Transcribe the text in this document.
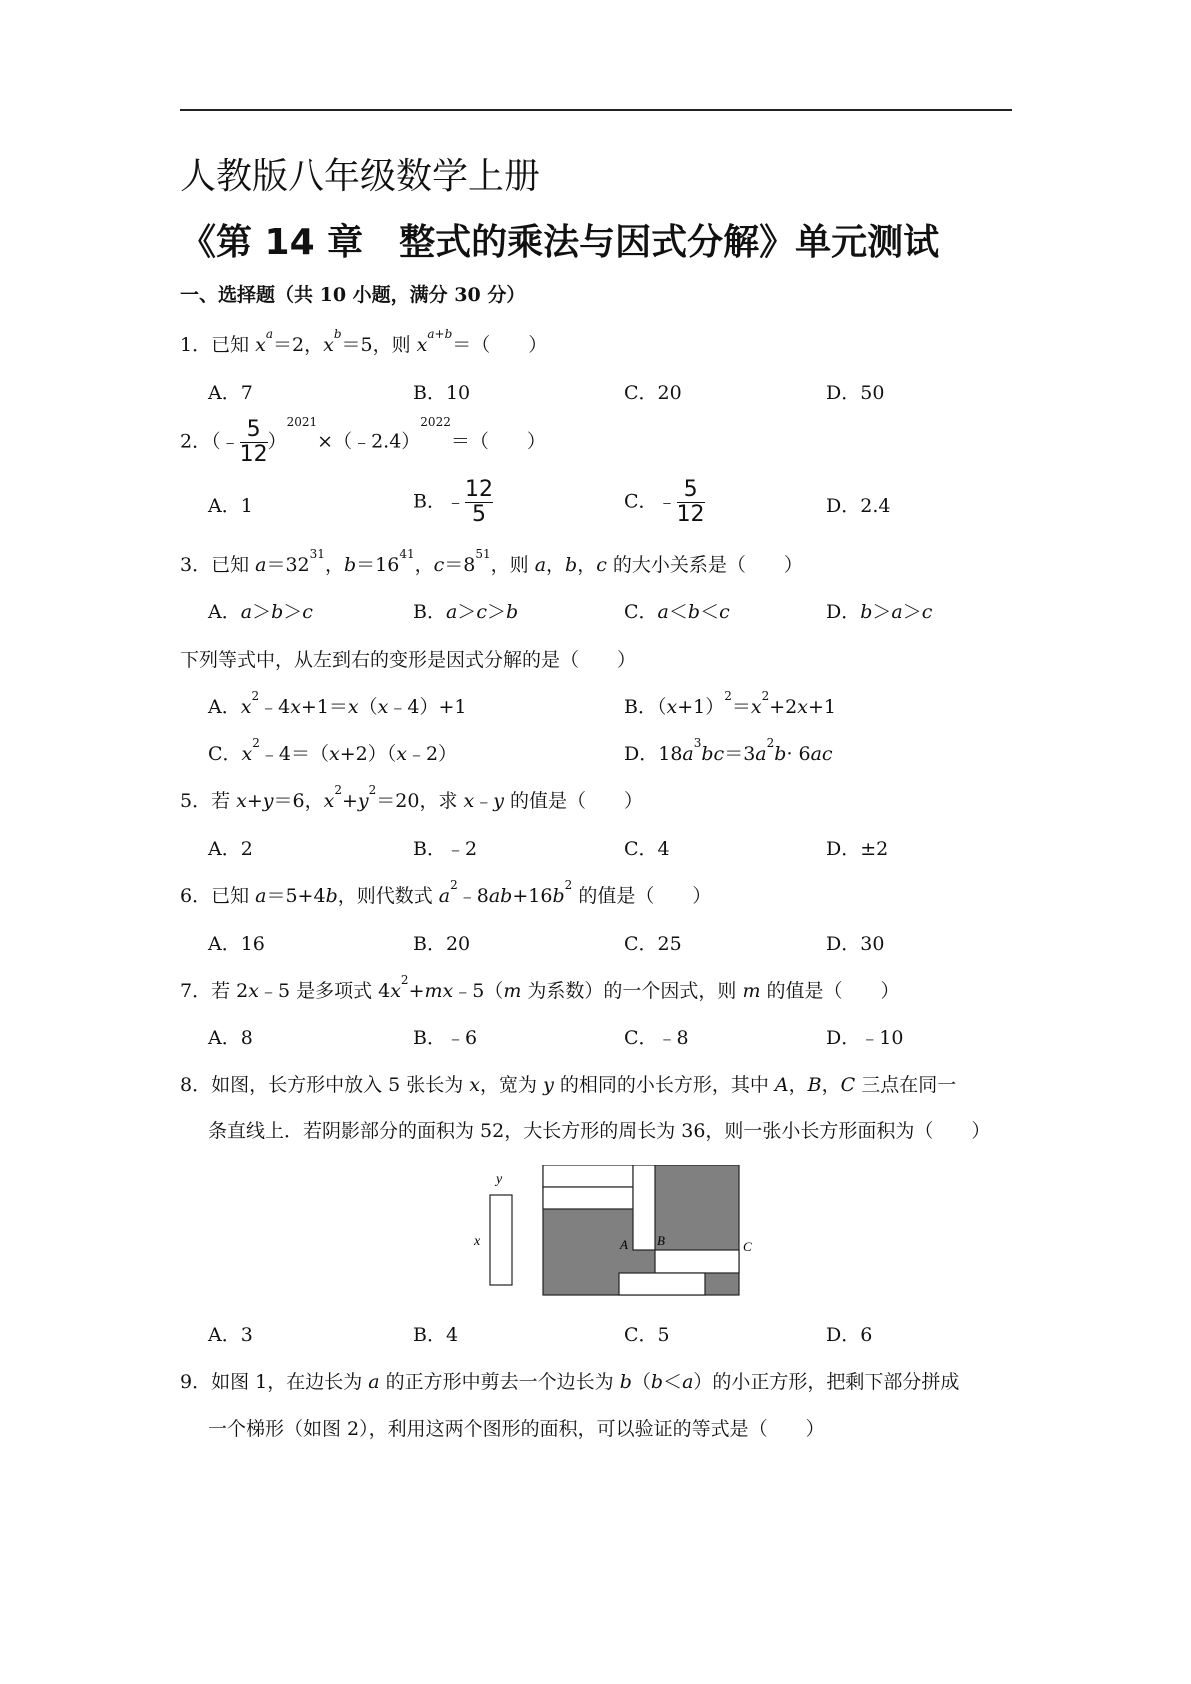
人教版八年级数学上册
《第 14 章　整式的乘法与因式分解》单元测试
一、选择题（共 10 小题，满分 30 分）
1．已知 $x^a=2$，$x^b=5$，则 $x^{a+b}=$（　　）
A．7	B．10	C．20	D．50
2．（﹣ $\frac{5}{12}$ ）$^{2021}$×（﹣2.4）$^{2022}$＝（　　）
A．1	B．﹣ $\frac{12}{5}$	C．﹣ $\frac{5}{12}$	D．2.4
3．已知 $a=32^{31}$，$b=16^{41}$，$c=8^{51}$，则 a，b，c 的大小关系是（　　）
A．a＞b＞c	B．a＞c＞b	C．a＜b＜c	D．b＞a＞c
下列等式中，从左到右的变形是因式分解的是（　　）
A．$x^2﹣4x+1=x(x﹣4)+1$	B．$(x+1)^2=x^2+2x+1$
C．$x^2﹣4=(x+2)(x﹣2)$	D．$18a^3bc=3a^2b\cdot 6ac$
5．若 x+y＝6，$x^2+y^2=20$，求 x﹣y 的值是（　　）
A．2	B．﹣2	C．4	D．±2
6．已知 a＝5+4b，则代数式 $a^2﹣8ab+16b^2$ 的值是（　　）
A．16	B．20	C．25	D．30
7．若 2x﹣5 是多项式 $4x^2+mx﹣5(m$ 为系数）的一个因式，则 m 的值是（　　）
A．8	B．﹣6	C．﹣8	D．﹣10
8．如图，长方形中放入 5 张长为 x，宽为 y 的相同的小长方形，其中 A，B，C 三点在同一
条直线上．若阴影部分的面积为 52，大长方形的周长为 36，则一张小长方形面积为（　　）
y
x	A B	C
A．3	B．4	C．5	D．6
9．如图 1，在边长为 a 的正方形中剪去一个边长为 b（b＜a）的小正方形，把剩下部分拼成
一个梯形（如图 2），利用这两个图形的面积，可以验证的等式是（　　）
